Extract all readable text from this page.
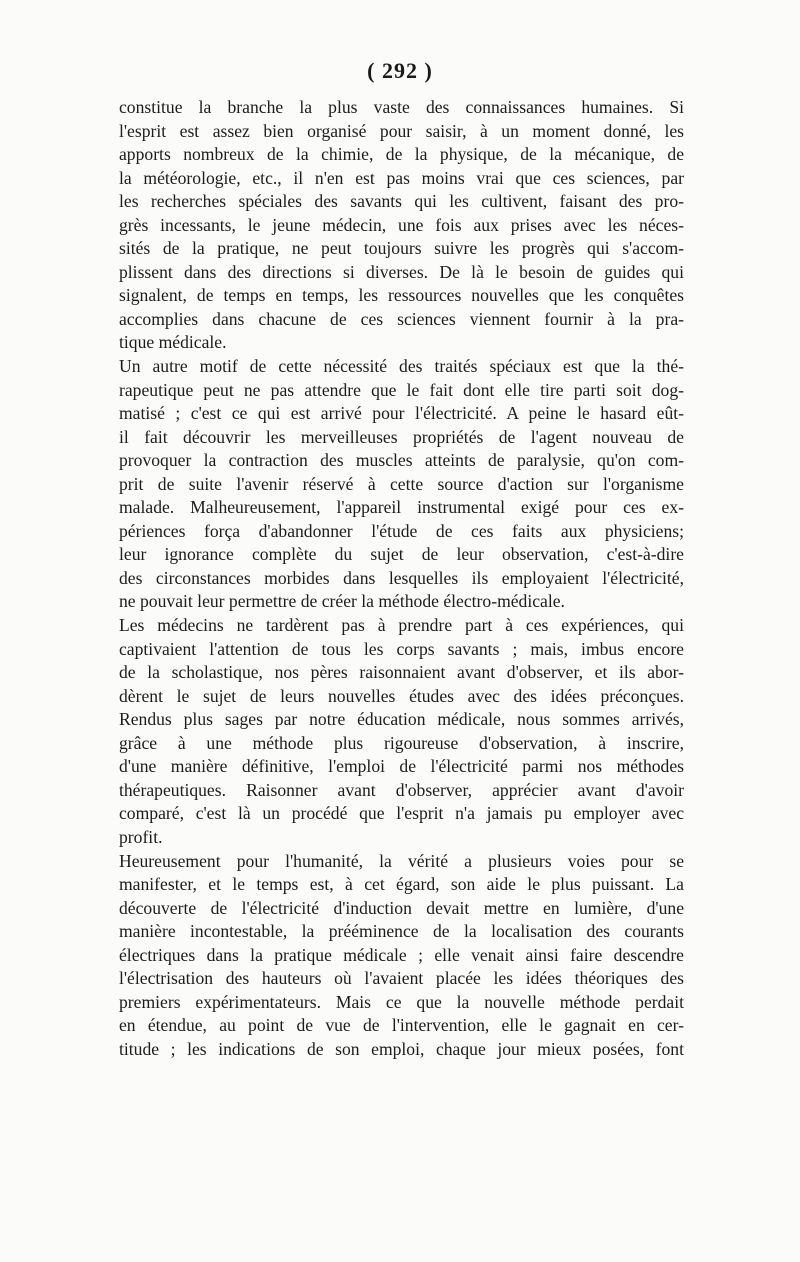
( 292 )
constitue la branche la plus vaste des connaissances humaines. Si
l'esprit est assez bien organisé pour saisir, à un moment donné, les
apports nombreux de la chimie, de la physique, de la mécanique, de
la météorologie, etc., il n'en est pas moins vrai que ces sciences, par
les recherches spéciales des savants qui les cultivent, faisant des pro-
grès incessants, le jeune médecin, une fois aux prises avec les néces-
sités de la pratique, ne peut toujours suivre les progrès qui s'accom-
plissent dans des directions si diverses. De là le besoin de guides qui
signalent, de temps en temps, les ressources nouvelles que les conquêtes
accomplies dans chacune de ces sciences viennent fournir à la pra-
tique médicale.
Un autre motif de cette nécessité des traités spéciaux est que la thé-
rapeutique peut ne pas attendre que le fait dont elle tire parti soit dog-
matisé ; c'est ce qui est arrivé pour l'électricité. A peine le hasard eût-
il fait découvrir les merveilleuses propriétés de l'agent nouveau de
provoquer la contraction des muscles atteints de paralysie, qu'on com-
prit de suite l'avenir réservé à cette source d'action sur l'organisme
malade. Malheureusement, l'appareil instrumental exigé pour ces ex-
périences força d'abandonner l'étude de ces faits aux physiciens;
leur ignorance complète du sujet de leur observation, c'est-à-dire
des circonstances morbides dans lesquelles ils employaient l'électricité,
ne pouvait leur permettre de créer la méthode électro-médicale.
Les médecins ne tardèrent pas à prendre part à ces expériences, qui
captivaient l'attention de tous les corps savants ; mais, imbus encore
de la scholastique, nos pères raisonnaient avant d'observer, et ils abor-
dèrent le sujet de leurs nouvelles études avec des idées préconçues.
Rendus plus sages par notre éducation médicale, nous sommes arrivés,
grâce à une méthode plus rigoureuse d'observation, à inscrire,
d'une manière définitive, l'emploi de l'électricité parmi nos méthodes
thérapeutiques. Raisonner avant d'observer, apprécier avant d'avoir
comparé, c'est là un procédé que l'esprit n'a jamais pu employer avec
profit.
Heureusement pour l'humanité, la vérité a plusieurs voies pour se
manifester, et le temps est, à cet égard, son aide le plus puissant. La
découverte de l'électricité d'induction devait mettre en lumière, d'une
manière incontestable, la prééminence de la localisation des courants
électriques dans la pratique médicale ; elle venait ainsi faire descendre
l'électrisation des hauteurs où l'avaient placée les idées théoriques des
premiers expérimentateurs. Mais ce que la nouvelle méthode perdait
en étendue, au point de vue de l'intervention, elle le gagnait en cer-
titude ; les indications de son emploi, chaque jour mieux posées, font
